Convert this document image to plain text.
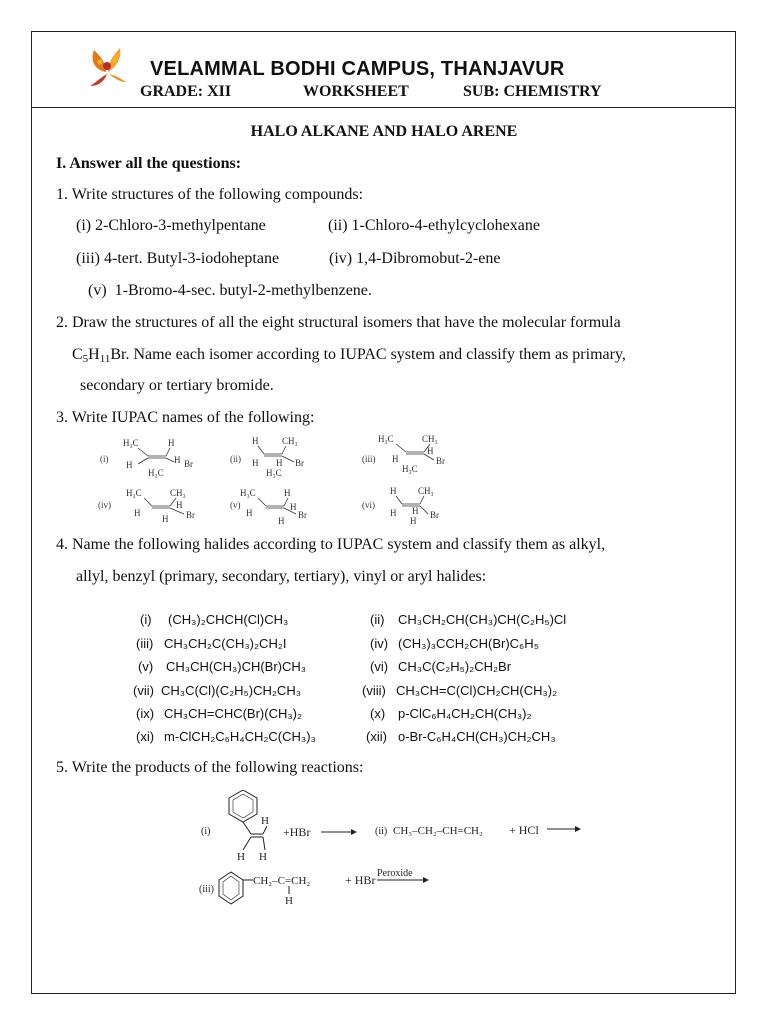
VELAMMAL BODHI CAMPUS, THANJAVUR
GRADE: XII	WORKSHEET	SUB: CHEMISTRY
HALO ALKANE AND HALO ARENE
I. Answer all the questions:
1. Write structures of the following compounds:
(i) 2-Chloro-3-methylpentane	(ii) 1-Chloro-4-ethylcyclohexane
(iii) 4-tert. Butyl-3-iodoheptane	(iv) 1,4-Dibromobut-2-ene
(v)  1-Bromo-4-sec. butyl-2-methylbenzene.
2. Draw the structures of all the eight structural isomers that have the molecular formula
$C_5H_{11}Br$. Name each isomer according to IUPAC system and classify them as primary,
secondary or tertiary bromide.
3. Write IUPAC names of the following:
(i)
H₃C	H
H	H Br
H₃C
(ii)
H	CH₃
H H Br
H₃C
(iii)
H₃C	CH₃
H
H
Br
H₃C
(iv)
H₃C	CH₃
H
H
Br
H
(v)
H₃C	H
H
H
Br
H
(vi)
H CH₃
H H Br
H
4. Name the following halides according to IUPAC system and classify them as alkyl,
allyl, benzyl (primary, secondary, tertiary), vinyl or aryl halides:
(i) (CH₃)₂CHCH(Cl)CH₃	(ii) CH₃CH₂CH(CH₃)CH(C₂H₅)Cl
(iii) CH₃CH₂C(CH₃)₂CH₂I	(iv) (CH₃)₃CCH₂CH(Br)C₆H₅
(v) CH₃CH(CH₃)CH(Br)CH₃	(vi) CH₃C(C₂H₅)₂CH₂Br
(vii) CH₃C(Cl)(C₂H₅)CH₂CH₃	(viii) CH₃CH=C(Cl)CH₂CH(CH₃)₂
(ix) CH₃CH=CHC(Br)(CH₃)₂	(x) p-ClC₆H₄CH₂CH(CH₃)₂
(xi) m-ClCH₂C₆H₄CH₂C(CH₃)₃	(xii) o-Br-C₆H₄CH(CH₃)CH₂CH₃
5. Write the products of the following reactions:
(i)
H
H H
+HBr	(ii) CH₃–CH₂–CH=CH₂ + HCl
(iii)
CH₂–C=CH₂
H
+ HBr Peroxide
